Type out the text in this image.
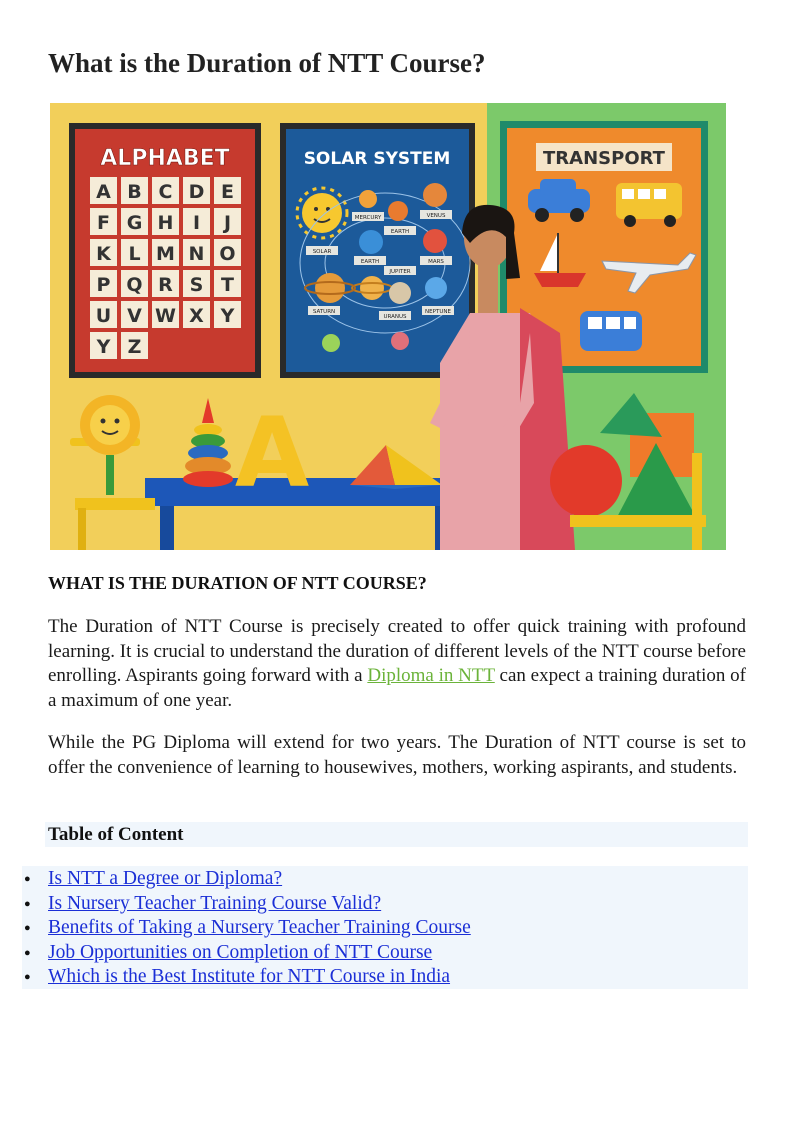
What is the Duration of NTT Course?
ALPHABET
A B C D E
F G H I J
K L M N O
P Q R S T
U V W X Y
Y Z
SOLAR SYSTEM
MERCURY	VENUS
EARTH
SOLAR
EARTH	MARS
JUPITER
SATURN
URANUS
NEPTUNE
TRANSPORT
A
WHAT IS THE DURATION OF NTT COURSE?

The Duration of NTT Course is precisely created to offer quick training with profound learning. It is crucial to understand the duration of different levels of the NTT course before enrolling. Aspirants going forward with a Diploma in NTT can expect a training duration of a maximum of one year.

While the PG Diploma will extend for two years. The Duration of NTT course is set to offer the convenience of learning to housewives, mothers, working aspirants, and students.

Table of Content
● Is NTT a Degree or Diploma?
● Is Nursery Teacher Training Course Valid?
● Benefits of Taking a Nursery Teacher Training Course
● Job Opportunities on Completion of NTT Course
● Which is the Best Institute for NTT Course in India
